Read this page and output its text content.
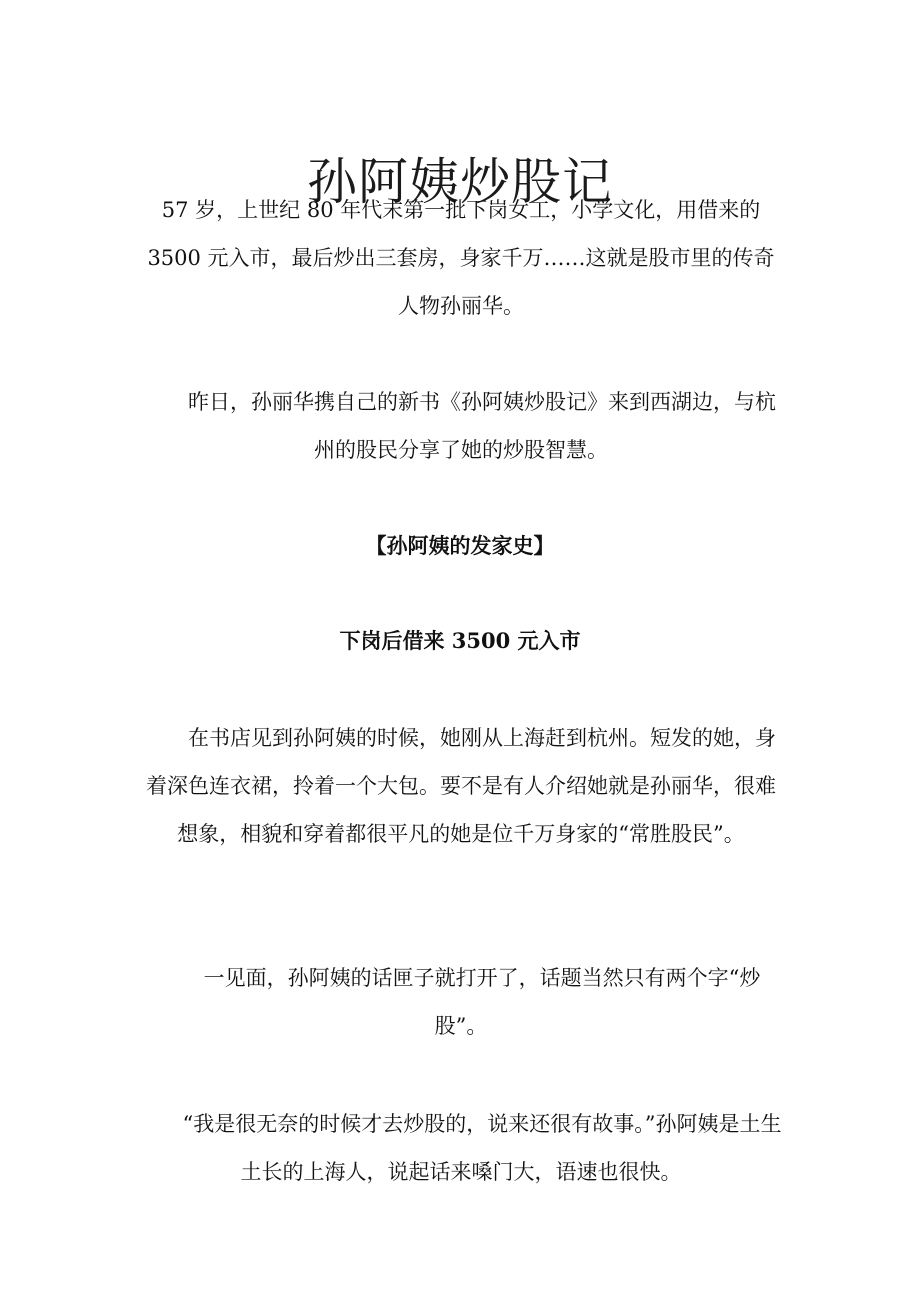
孙阿姨炒股记

57 岁，上世纪 80 年代末第一批下岗女工，小学文化，用借来的 3500 元入市，最后炒出三套房，身家千万……这就是股市里的传奇人物孙丽华。

昨日，孙丽华携自己的新书《孙阿姨炒股记》来到西湖边，与杭州的股民分享了她的炒股智慧。

【孙阿姨的发家史】
下岗后借来 3500 元入市

在书店见到孙阿姨的时候，她刚从上海赶到杭州。短发的她，身着深色连衣裙，拎着一个大包。要不是有人介绍她就是孙丽华，很难想象，相貌和穿着都很平凡的她是位千万身家的“常胜股民”。

一见面，孙阿姨的话匣子就打开了，话题当然只有两个字“炒股”。

“我是很无奈的时候才去炒股的，说来还很有故事。”孙阿姨是土生土长的上海人，说起话来嗓门大，语速也很快。
